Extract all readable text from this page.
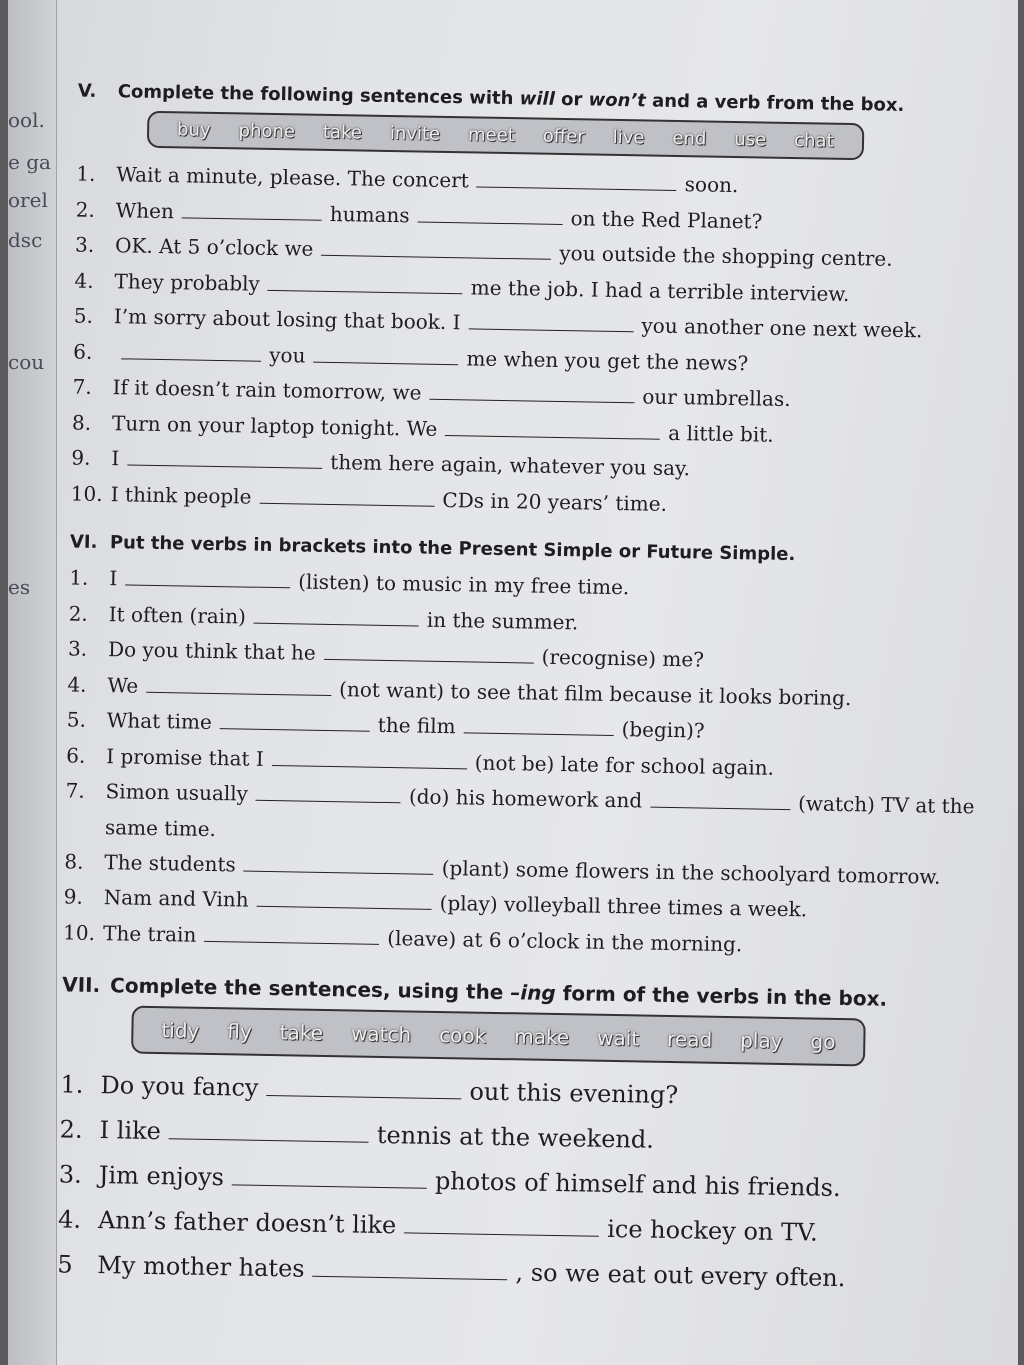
ool.
e ga
orel
dsc
cou
es
V.	Complete the following sentences with will or won’t and a verb from the box.
buy	phone	take	invite	meet	offer	live	end	use	chat
1.	Wait a minute, please. The concert	soon.
2.	When	humans	on the Red Planet?
3.	OK. At 5 o’clock we	you outside the shopping centre.
4.	They probably	me the job. I had a terrible interview.
5.	I’m sorry about losing that book. I	you another one next week.
6.	you	me when you get the news?
7.	If it doesn’t rain tomorrow, we	our umbrellas.
8.	Turn on your laptop tonight. We	a little bit.
9.	I	them here again, whatever you say.
10. I think people	CDs in 20 years’ time.
VI. Put the verbs in brackets into the Present Simple or Future Simple.
1.	I	(listen) to music in my free time.
2.	It often (rain)	in the summer.
3.	Do you think that he	(recognise) me?
4.	We	(not want) to see that film because it looks boring.
5.	What time	the film	(begin)?
6.	I promise that I	(not be) late for school again.
7.	Simon usually	(do) his homework and	(watch) TV at the
same time.
8.	The students	(plant) some flowers in the schoolyard tomorrow.
9.	Nam and Vinh	(play) volleyball three times a week.
10. The train	(leave) at 6 o’clock in the morning.
VII. Complete the sentences, using the –ing form of the verbs in the box.
tidy	fly	take	watch	cook	make	wait	read	play	go
1. Do you fancy	out this evening?
2. I like	tennis at the weekend.
3. Jim enjoys	photos of himself and his friends.
4. Ann’s father doesn’t like	ice hockey on TV.
5	My mother hates	, so we eat out every often.
